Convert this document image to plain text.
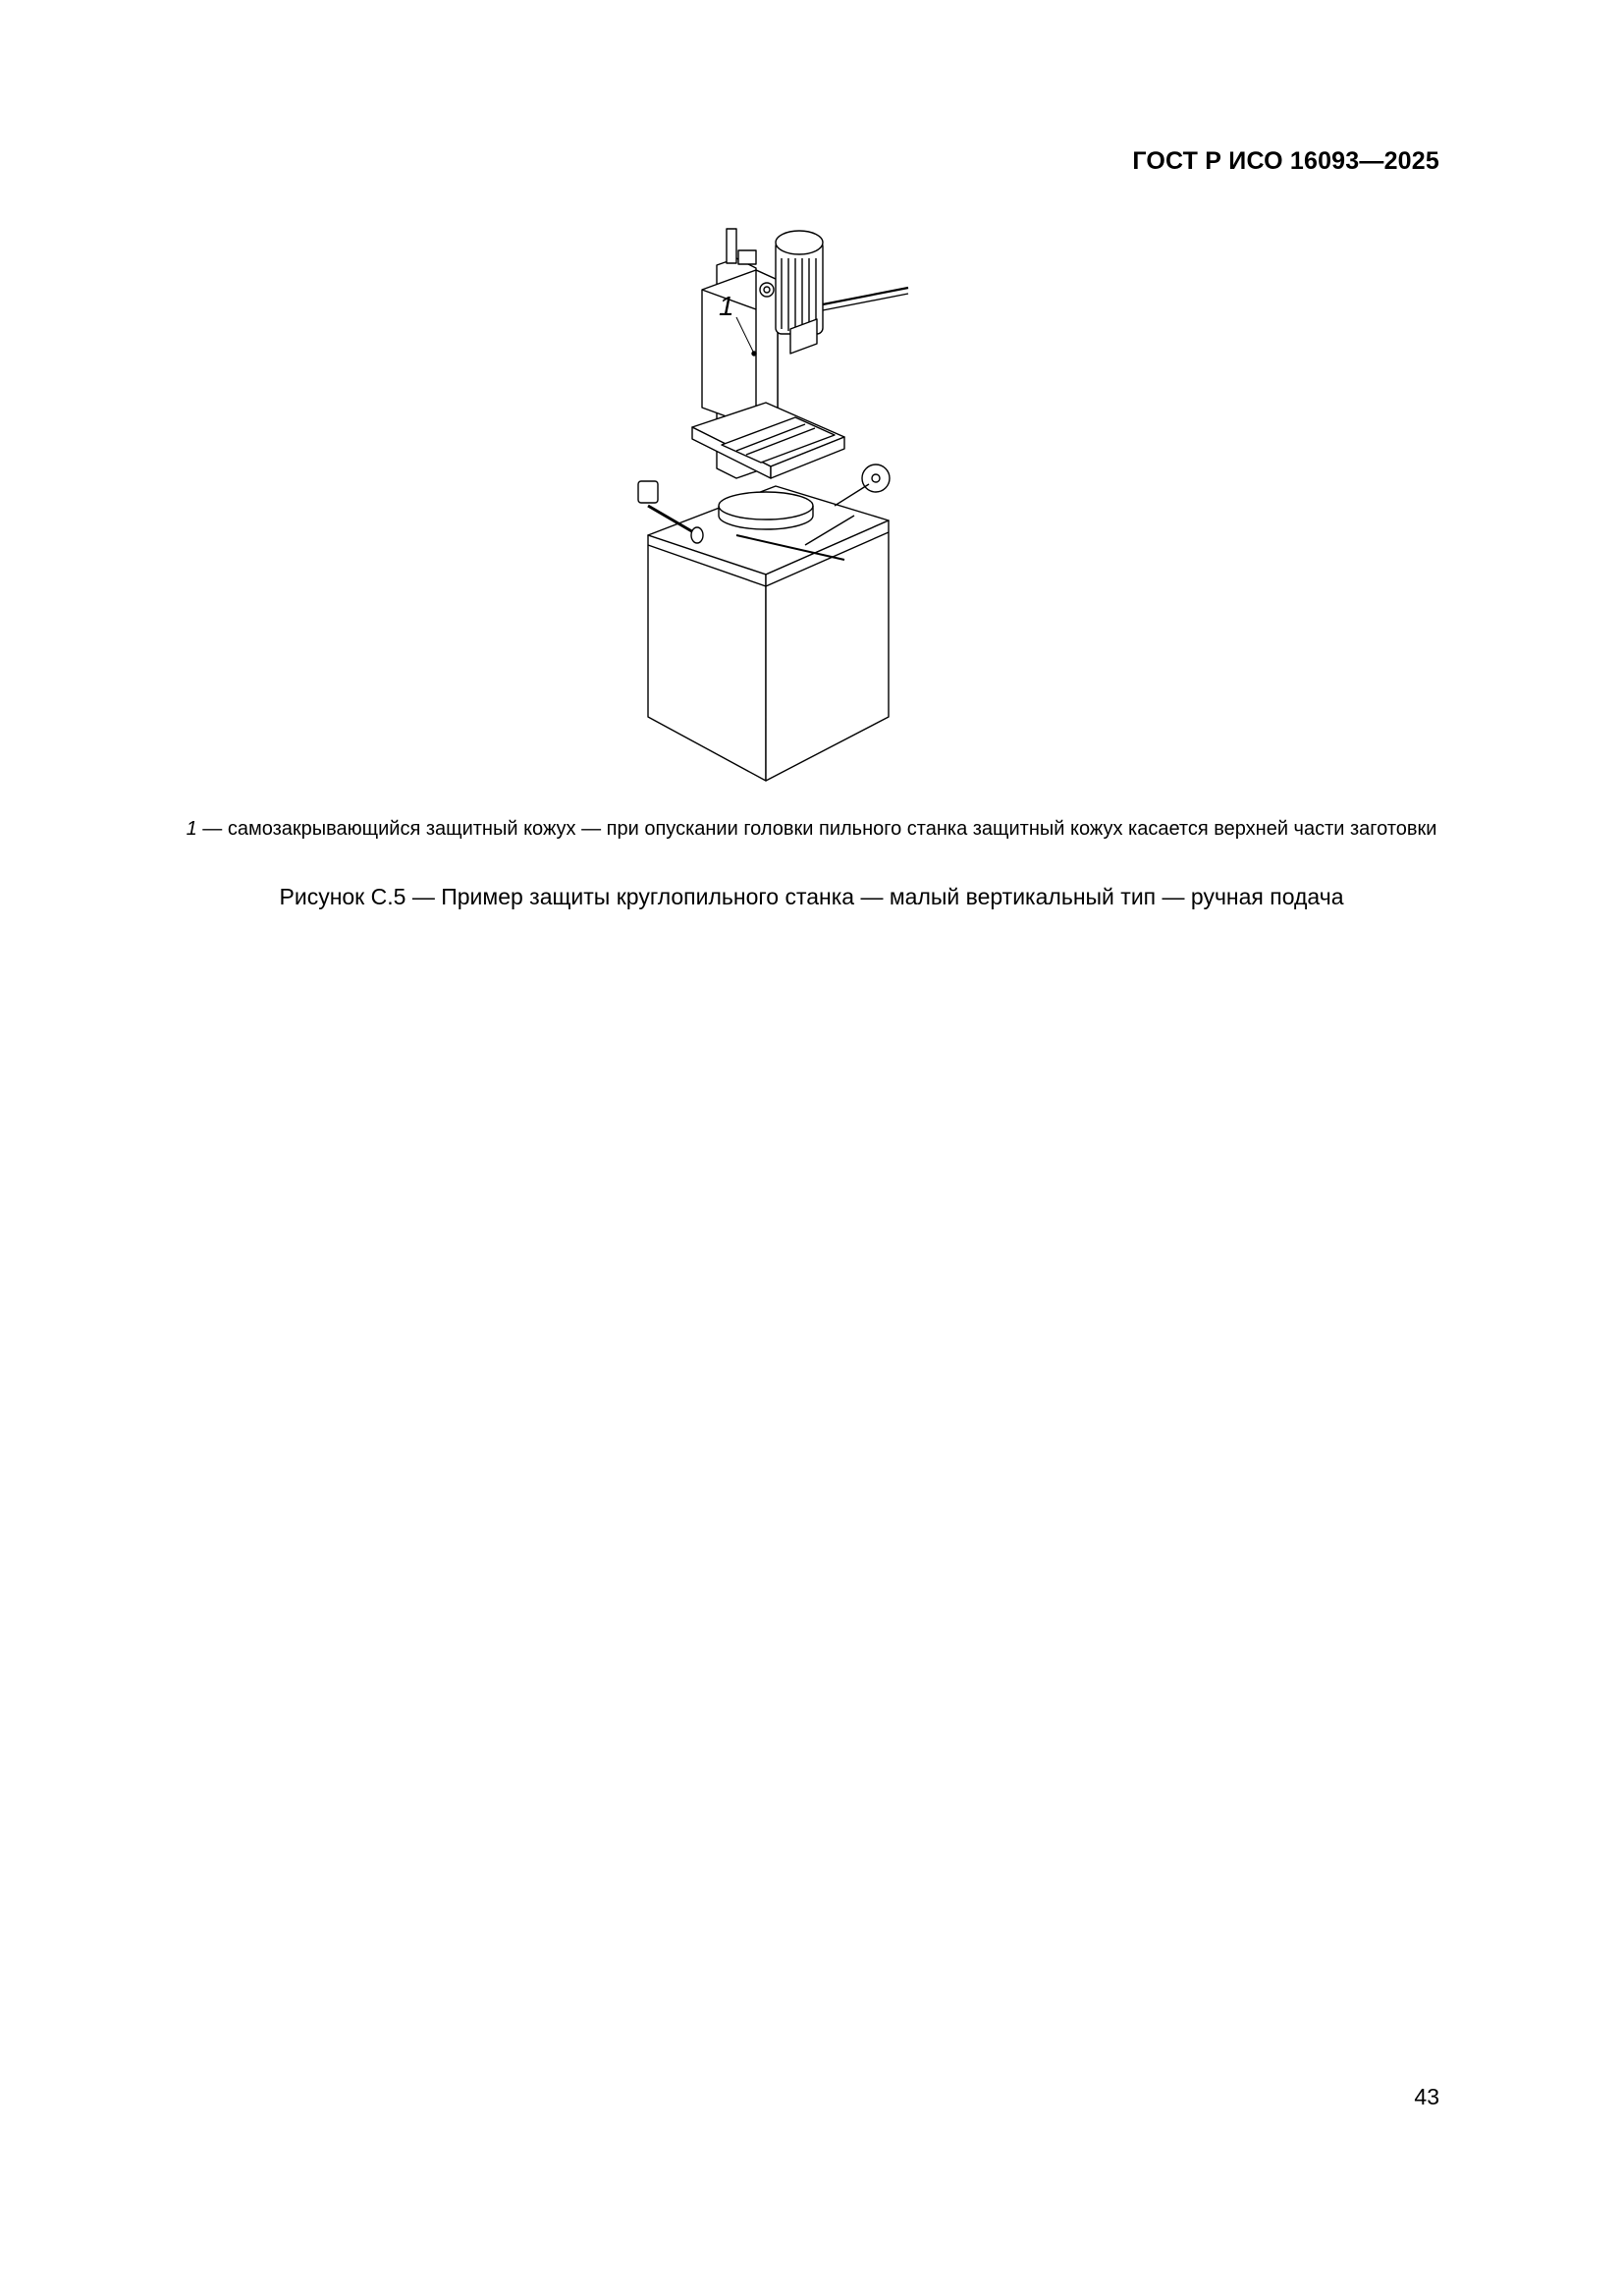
ГОСТ Р ИСО 16093—2025
1
1 — самозакрывающийся защитный кожух — при опускании головки пильного станка защитный кожух касается верхней части заготовки
Рисунок С.5 — Пример защиты круглопильного станка — малый вертикальный тип — ручная подача
43
